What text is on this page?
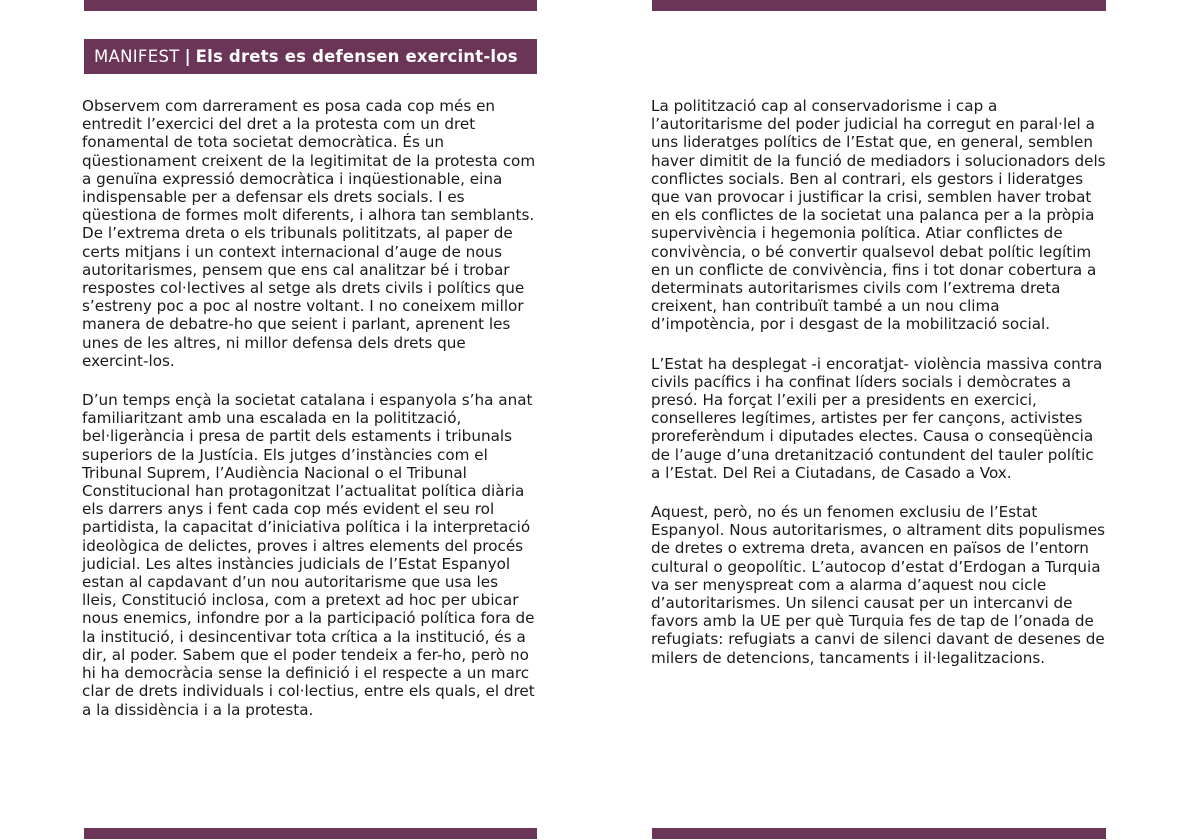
MANIFEST | Els drets es defensen exercint-los

Observem com darrerament es posa cada cop més en entredit l’exercici del dret a la protesta com un dret fonamental de tota societat democràtica. És un qüestionament creixent de la legitimitat de la protesta com a genuïna expressió democràtica i inqüestionable, eina indispensable per a defensar els drets socials. I es qüestiona de formes molt diferents, i alhora tan semblants. De l’extrema dreta o els tribunals polititzats, al paper de certs mitjans i un context internacional d’auge de nous autoritarismes, pensem que ens cal analitzar bé i trobar respostes col·lectives al setge als drets civils i polítics que s’estreny poc a poc al nostre voltant. I no coneixem millor manera de debatre-ho que seient i parlant, aprenent les unes de les altres, ni millor defensa dels drets que exercint-los.

D’un temps ençà la societat catalana i espanyola s’ha anat familiaritzant amb una escalada en la politització, bel·ligerància i presa de partit dels estaments i tribunals superiors de la Justícia. Els jutges d’instàncies com el Tribunal Suprem, l’Audiència Nacional o el Tribunal Constitucional han protagonitzat l’actualitat política diària els darrers anys i fent cada cop més evident el seu rol partidista, la capacitat d’iniciativa política i la interpretació ideològica de delictes, proves i altres elements del procés judicial. Les altes instàncies judicials de l’Estat Espanyol estan al capdavant d’un nou autoritarisme que usa les lleis, Constitució inclosa, com a pretext ad hoc per ubicar nous enemics, infondre por a la participació política fora de la institució, i desincentivar tota crítica a la institució, és a dir, al poder. Sabem que el poder tendeix a fer-ho, però no hi ha democràcia sense la definició i el respecte a un marc clar de drets individuals i col·lectius, entre els quals, el dret a la dissidència i a la protesta.

La politització cap al conservadorisme i cap a l’autoritarisme del poder judicial ha corregut en paral·lel a uns lideratges polítics de l’Estat que, en general, semblen haver dimitit de la funció de mediadors i solucionadors dels conflictes socials. Ben al contrari, els gestors i lideratges que van provocar i justificar la crisi, semblen haver trobat en els conflictes de la societat una palanca per a la pròpia supervivència i hegemonia política. Atiar conflictes de convivència, o bé convertir qualsevol debat polític legítim en un conflicte de convivència, fins i tot donar cobertura a determinats autoritarismes civils com l’extrema dreta creixent, han contribuït també a un nou clima d’impotència, por i desgast de la mobilització social.

L’Estat ha desplegat -i encoratjat- violència massiva contra civils pacífics i ha confinat líders socials i demòcrates a presó. Ha forçat l’exili per a presidents en exercici, conselleres legítimes, artistes per fer cançons, activistes proreferèndum i diputades electes. Causa o conseqüència de l’auge d’una dretanització contundent del tauler polític a l’Estat. Del Rei a Ciutadans, de Casado a Vox.

Aquest, però, no és un fenomen exclusiu de l’Estat Espanyol. Nous autoritarismes, o altrament dits populismes de dretes o extrema dreta, avancen en països de l’entorn cultural o geopolític. L’autocop d’estat d’Erdogan a Turquia va ser menyspreat com a alarma d’aquest nou cicle d’autoritarismes. Un silenci causat per un intercanvi de favors amb la UE per què Turquia fes de tap de l’onada de refugiats: refugiats a canvi de silenci davant de desenes de milers de detencions, tancaments i il·legalitzacions.
